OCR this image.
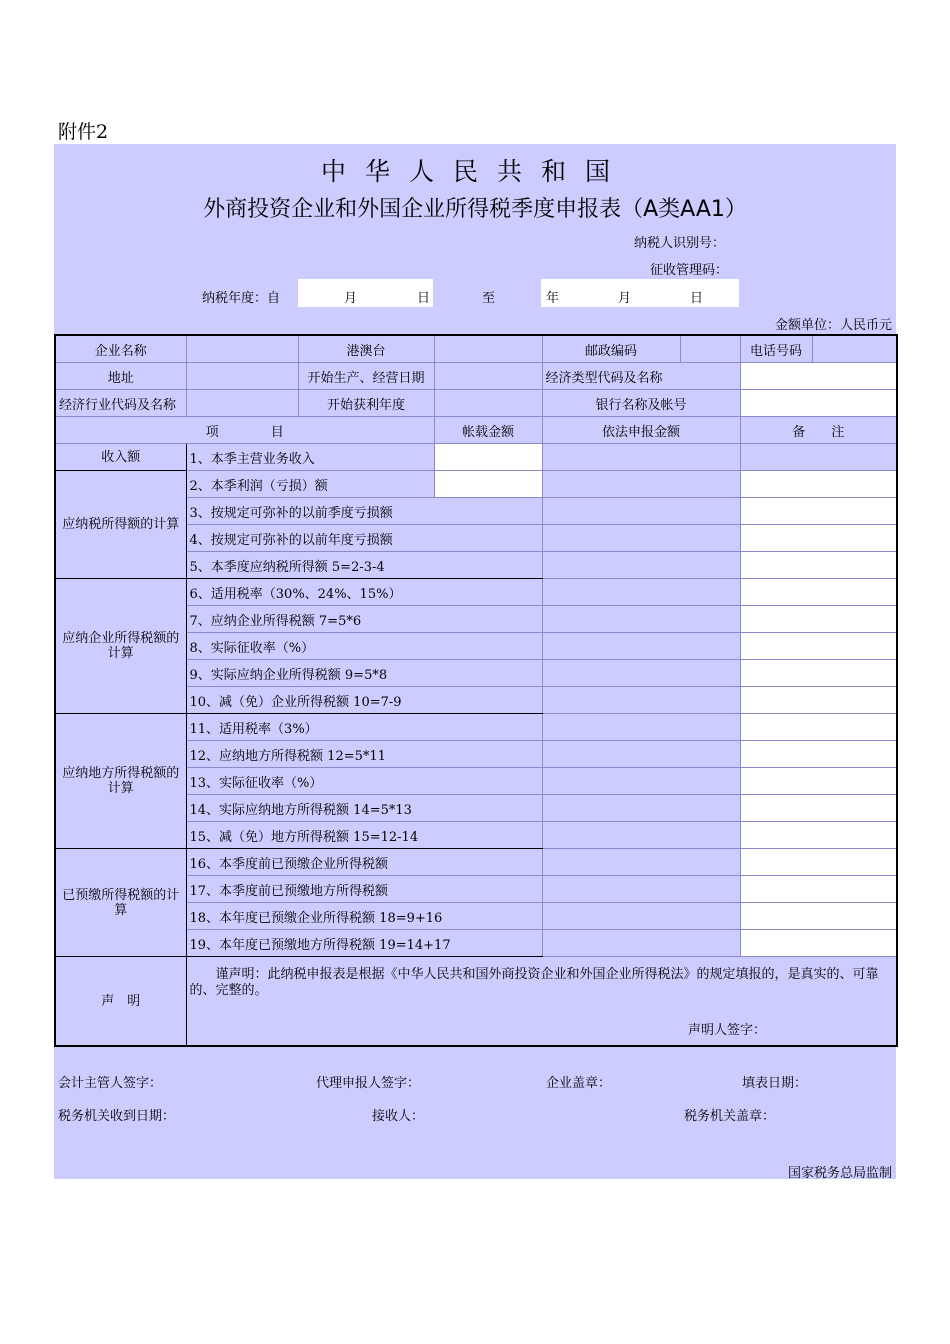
附件2
中华人民共和国
外商投资企业和外国企业所得税季度申报表（A类AA1）
纳税人识别号：
征收管理码：
纳税年度：自	月	日	至	年	月	日
金额单位：人民币元
会计主管人签字：	代理申报人签字：	企业盖章：	填表日期：
税务机关收到日期：	接收人：	税务机关盖章：
国家税务总局监制
企业名称		港澳台		邮政编码		电话号码	
地址		开始生产、经营日期		经济类型代码及名称			
经济行业代码及名称		开始获利年度		银行名称及帐号			
项　　　　目			帐载金额	依法申报金额		备　　注	
收入额	1、本季主营业务收入						
应纳税所得额的计算	2、本季利润（亏损）额						
	3、按规定可弥补的以前季度亏损额						
	4、按规定可弥补的以前年度亏损额						
	5、本季度应纳税所得额 5=2-3-4						
应纳企业所得税额的计算	6、适用税率（30%、24%、15%）						
	7、应纳企业所得税额 7=5*6						
	8、实际征收率（%）						
	9、实际应纳企业所得税额 9=5*8						
	10、减（免）企业所得税额 10=7-9						
应纳地方所得税额的计算	11、适用税率（3%）						
	12、应纳地方所得税额 12=5*11						
	13、实际征收率（%）						
	14、实际应纳地方所得税额 14=5*13						
	15、减（免）地方所得税额 15=12-14						
已预缴所得税额的计算	16、本季度前已预缴企业所得税额						
	17、本季度前已预缴地方所得税额						
	18、本年度已预缴企业所得税额 18=9+16						
	19、本年度已预缴地方所得税额 19=14+17						
声　明	谨声明：此纳税申报表是根据《中华人民共和国外商投资企业和外国企业所得税法》的规定填报的，是真实的、可靠的、完整的。
声明人签字：						
